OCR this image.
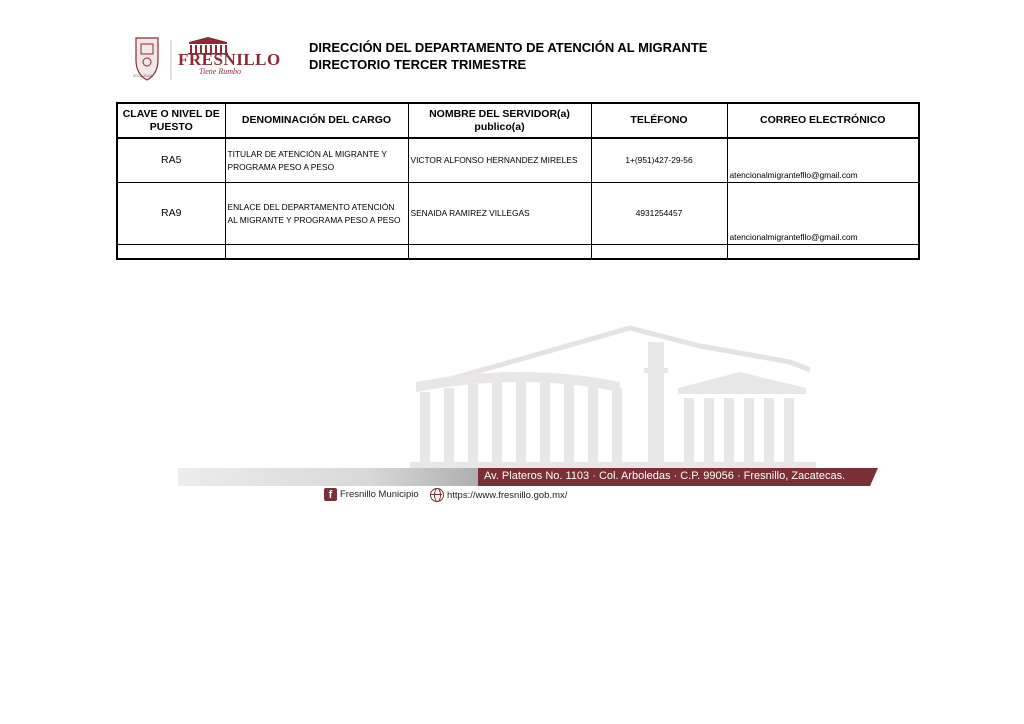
FRESNILLO
Tiene Rumbo
2021-2024
DIRECCIÓN DEL DEPARTAMENTO DE ATENCIÓN AL MIGRANTE
DIRECTORIO TERCER TRIMESTRE
CLAVE O NIVEL DE PUESTO	DENOMINACIÓN DEL CARGO	NOMBRE DEL SERVIDOR(a) publico(a)	TELÉFONO	CORREO ELECTRÓNICO
RA5	TITULAR DE ATENCIÓN AL MIGRANTE Y PROGRAMA PESO A PESO	VICTOR ALFONSO HERNANDEZ MIRELES	1+(951)427-29-56	atencionalmigrantefllo@gmail.com
RA9	ENLACE DEL DEPARTAMENTO ATENCIÓN AL MIGRANTE Y PROGRAMA PESO A PESO	SENAIDA RAMIREZ VILLEGAS	4931254457	atencionalmigrantefllo@gmail.com

Av. Plateros No. 1103 · Col. Arboledas · C.P. 99056 · Fresnillo, Zacatecas.
f Fresnillo Municipio	https://www.fresnillo.gob.mx/
